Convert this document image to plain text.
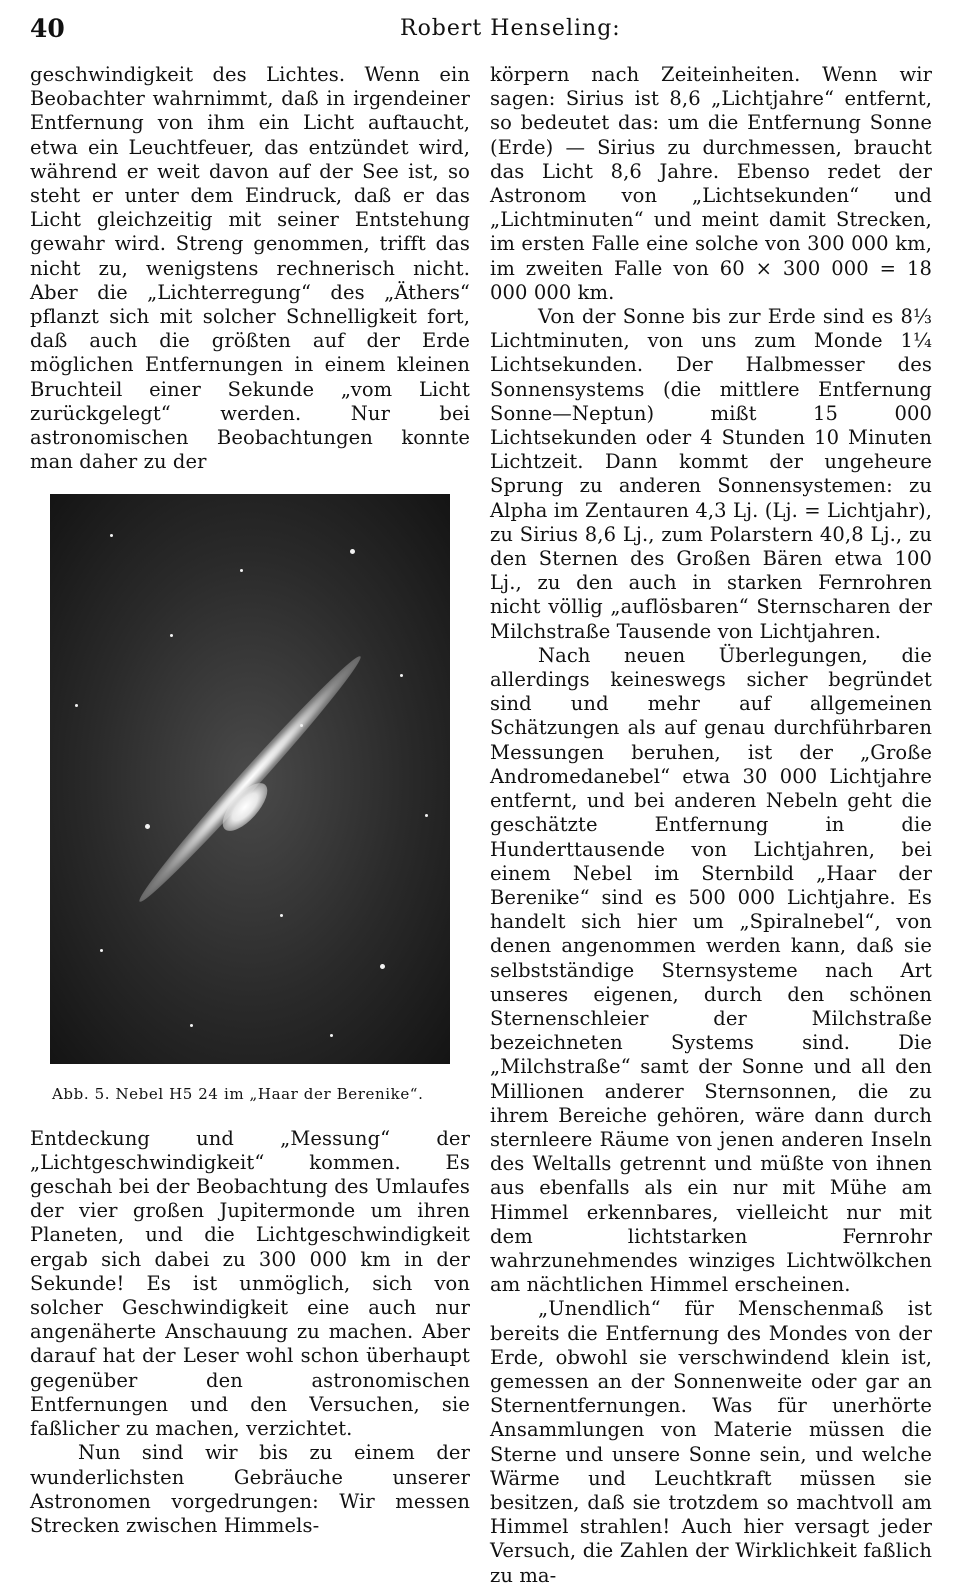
40	Robert Henseling:

geschwindigkeit des Lichtes. Wenn ein Beobachter wahrnimmt, daß in irgendeiner Entfernung von ihm ein Licht auftaucht, etwa ein Leuchtfeuer, das entzündet wird, während er weit davon auf der See ist, so steht er unter dem Eindruck, daß er das Licht gleichzeitig mit seiner Entstehung gewahr wird. Streng genommen, trifft das nicht zu, wenigstens rechnerisch nicht. Aber die „Lichterregung“ des „Äthers“ pflanzt sich mit solcher Schnelligkeit fort, daß auch die größten auf der Erde möglichen Entfernungen in einem kleinen Bruchteil einer Sekunde „vom Licht zurückgelegt“ werden. Nur bei astronomischen Beobachtungen konnte man daher zu der

Abb. 5. Nebel H5 24 im „Haar der Berenike“.

Entdeckung und „Messung“ der „Lichtgeschwindigkeit“ kommen. Es geschah bei der Beobachtung des Umlaufes der vier großen Jupitermonde um ihren Planeten, und die Lichtgeschwindigkeit ergab sich dabei zu 300 000 km in der Sekunde! Es ist unmöglich, sich von solcher Geschwindigkeit eine auch nur angenäherte Anschauung zu machen. Aber darauf hat der Leser wohl schon überhaupt gegenüber den astronomischen Entfernungen und den Versuchen, sie faßlicher zu machen, verzichtet.

Nun sind wir bis zu einem der wunderlichsten Gebräuche unserer Astronomen vorgedrungen: Wir messen Strecken zwischen Himmels-

körpern nach Zeiteinheiten. Wenn wir sagen: Sirius ist 8,6 „Lichtjahre“ entfernt, so bedeutet das: um die Entfernung Sonne (Erde) — Sirius zu durchmessen, braucht das Licht 8,6 Jahre. Ebenso redet der Astronom von „Lichtsekunden“ und „Lichtminuten“ und meint damit Strecken, im ersten Falle eine solche von 300 000 km, im zweiten Falle von 60 × 300 000 = 18 000 000 km.

Von der Sonne bis zur Erde sind es 8⅓ Lichtminuten, von uns zum Monde 1¼ Lichtsekunden. Der Halbmesser des Sonnensystems (die mittlere Entfernung Sonne—Neptun) mißt 15 000 Lichtsekunden oder 4 Stunden 10 Minuten Lichtzeit. Dann kommt der ungeheure Sprung zu anderen Sonnensystemen: zu Alpha im Zentauren 4,3 Lj. (Lj. = Lichtjahr), zu Sirius 8,6 Lj., zum Polarstern 40,8 Lj., zu den Sternen des Großen Bären etwa 100 Lj., zu den auch in starken Fernrohren nicht völlig „auflösbaren“ Sternscharen der Milchstraße Tausende von Lichtjahren.

Nach neuen Überlegungen, die allerdings keineswegs sicher begründet sind und mehr auf allgemeinen Schätzungen als auf genau durchführbaren Messungen beruhen, ist der „Große Andromedanebel“ etwa 30 000 Lichtjahre entfernt, und bei anderen Nebeln geht die geschätzte Entfernung in die Hunderttausende von Lichtjahren, bei einem Nebel im Sternbild „Haar der Berenike“ sind es 500 000 Lichtjahre. Es handelt sich hier um „Spiralnebel“, von denen angenommen werden kann, daß sie selbstständige Sternsysteme nach Art unseres eigenen, durch den schönen Sternenschleier der Milchstraße bezeichneten Systems sind. Die „Milchstraße“ samt der Sonne und all den Millionen anderer Sternsonnen, die zu ihrem Bereiche gehören, wäre dann durch sternleere Räume von jenen anderen Inseln des Weltalls getrennt und müßte von ihnen aus ebenfalls als ein nur mit Mühe am Himmel erkennbares, vielleicht nur mit dem lichtstarken Fernrohr wahrzunehmendes winziges Lichtwölkchen am nächtlichen Himmel erscheinen.

„Unendlich“ für Menschenmaß ist bereits die Entfernung des Mondes von der Erde, obwohl sie verschwindend klein ist, gemessen an der Sonnenweite oder gar an Sternentfernungen. Was für unerhörte Ansammlungen von Materie müssen die Sterne und unsere Sonne sein, und welche Wärme und Leuchtkraft müssen sie besitzen, daß sie trotzdem so machtvoll am Himmel strahlen! Auch hier versagt jeder Versuch, die Zahlen der Wirklichkeit faßlich zu ma-
